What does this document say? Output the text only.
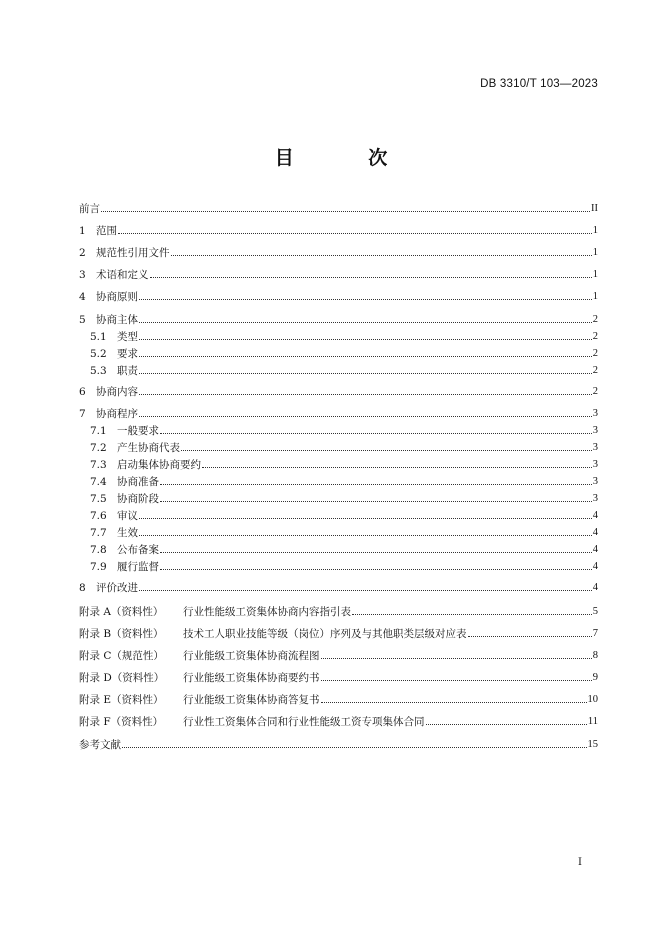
DB 3310/T 103—2023
目 次
前言	II
1 范围	1
2 规范性引用文件	1
3 术语和定义	1
4 协商原则	1
5 协商主体	2
5.1 类型	2
5.2 要求	2
5.3 职责	2
6 协商内容	2
7 协商程序	3
7.1 一般要求	3
7.2 产生协商代表	3
7.3 启动集体协商要约	3
7.4 协商准备	3
7.5 协商阶段	3
7.6 审议	4
7.7 生效	4
7.8 公布备案	4
7.9 履行监督	4
8 评价改进	4
附录 A（资料性）	行业性能级工资集体协商内容指引表	5
附录 B（资料性）	技术工人职业技能等级（岗位）序列及与其他职类层级对应表	7
附录 C（规范性）	行业能级工资集体协商流程图	8
附录 D（资料性）	行业能级工资集体协商要约书	9
附录 E（资料性）	行业能级工资集体协商答复书	10
附录 F（资料性）	行业性工资集体合同和行业性能级工资专项集体合同	11
参考文献	15
I
